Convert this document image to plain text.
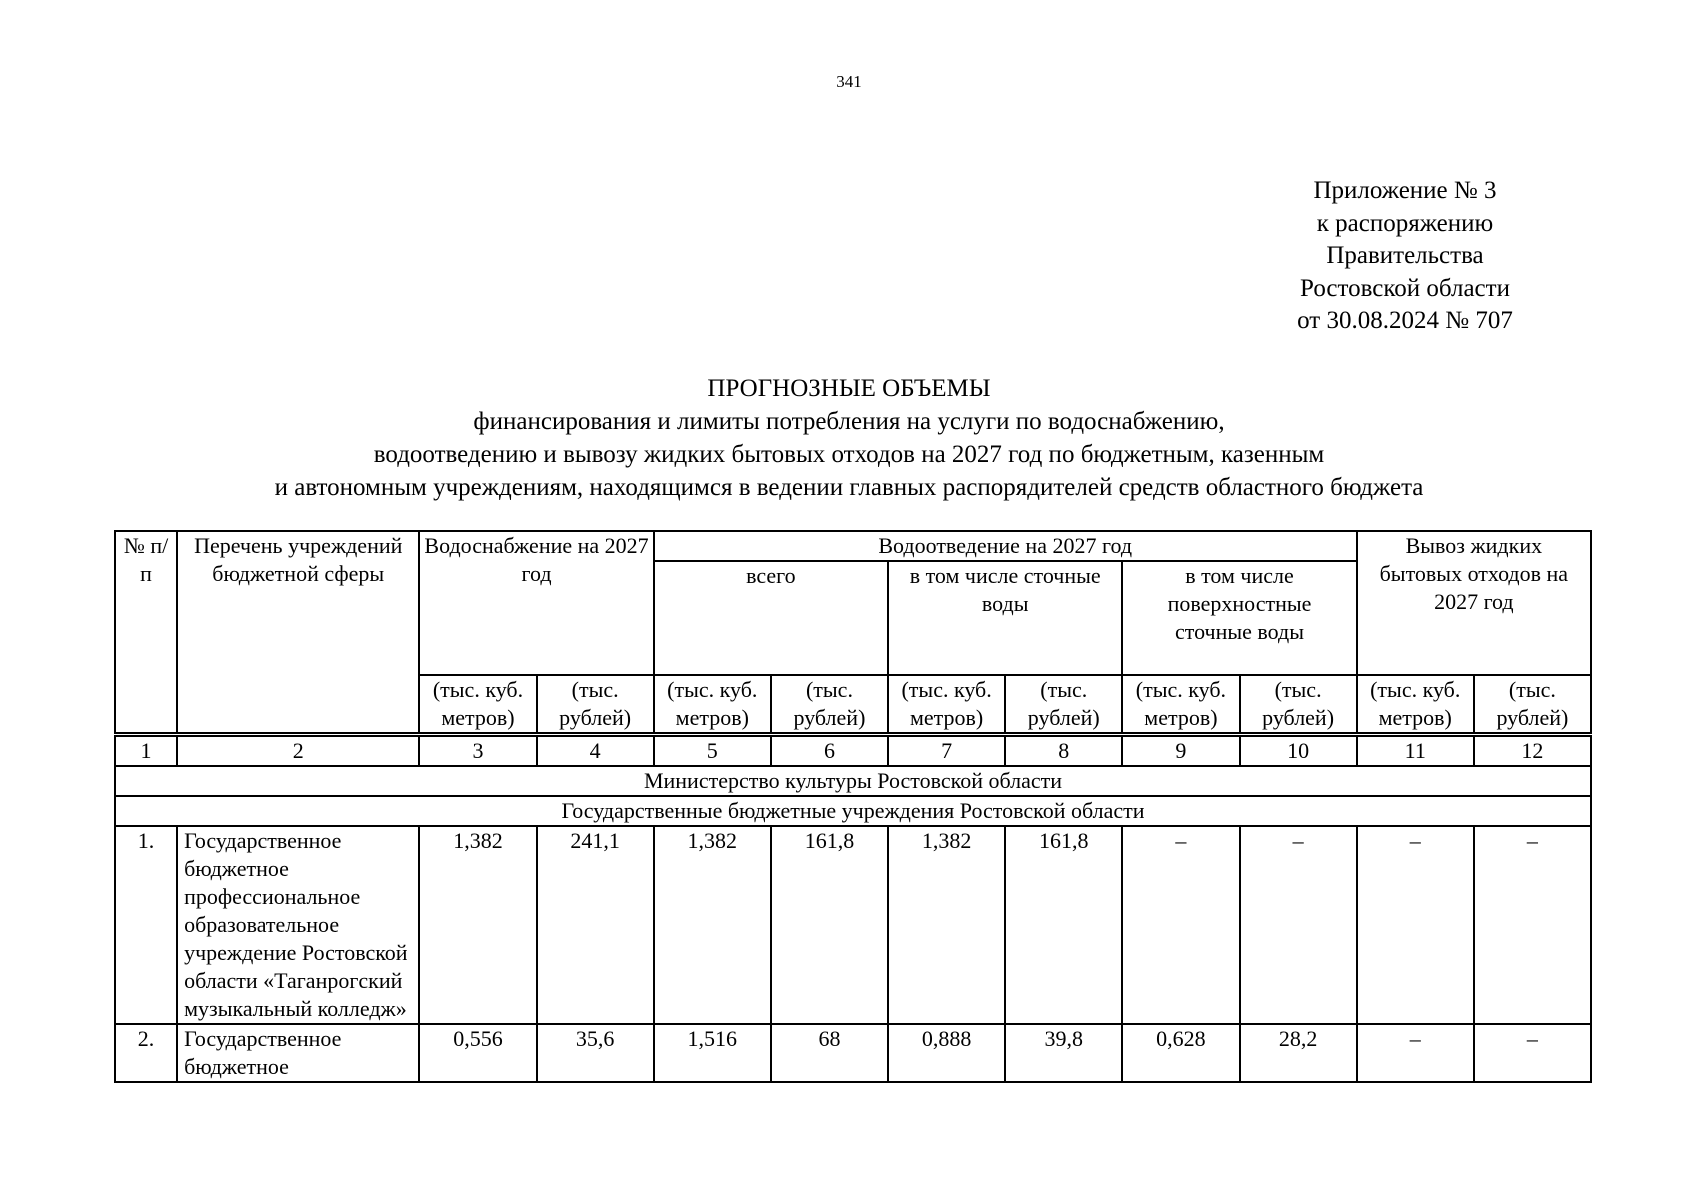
341
Приложение № 3
к распоряжению
Правительства
Ростовской области
от 30.08.2024 № 707
ПРОГНОЗНЫЕ ОБЪЕМЫ
финансирования и лимиты потребления на услуги по водоснабжению,
водоотведению и вывозу жидких бытовых отходов на 2027 год по бюджетным, казенным
и автономным учреждениям, находящимся в ведении главных распорядителей средств областного бюджета
№ п/п	Перечень учреждений бюджетной сферы	Водоснабжение на 2027 год		Водоотведение на 2027 год						Вывоз жидких бытовых отходов на 2027 год	
				всего		в том числе сточные воды		в том числе поверхностные сточные воды			
		(тыс. куб. метров)	(тыс. рублей)	(тыс. куб. метров)	(тыс. рублей)	(тыс. куб. метров)	(тыс. рублей)	(тыс. куб. метров)	(тыс. рублей)	(тыс. куб. метров)	(тыс. рублей)
1	2	3	4	5	6	7	8	9	10	11	12
Министерство культуры Ростовской области											
Государственные бюджетные учреждения Ростовской области											
1.	Государственное бюджетное профессиональное образовательное учреждение Ростовской области «Таганрогский музыкальный колледж»	1,382	241,1	1,382	161,8	1,382	161,8	–	–	–	–
2.	Государственное бюджетное	0,556	35,6	1,516	68	0,888	39,8	0,628	28,2	–	–
